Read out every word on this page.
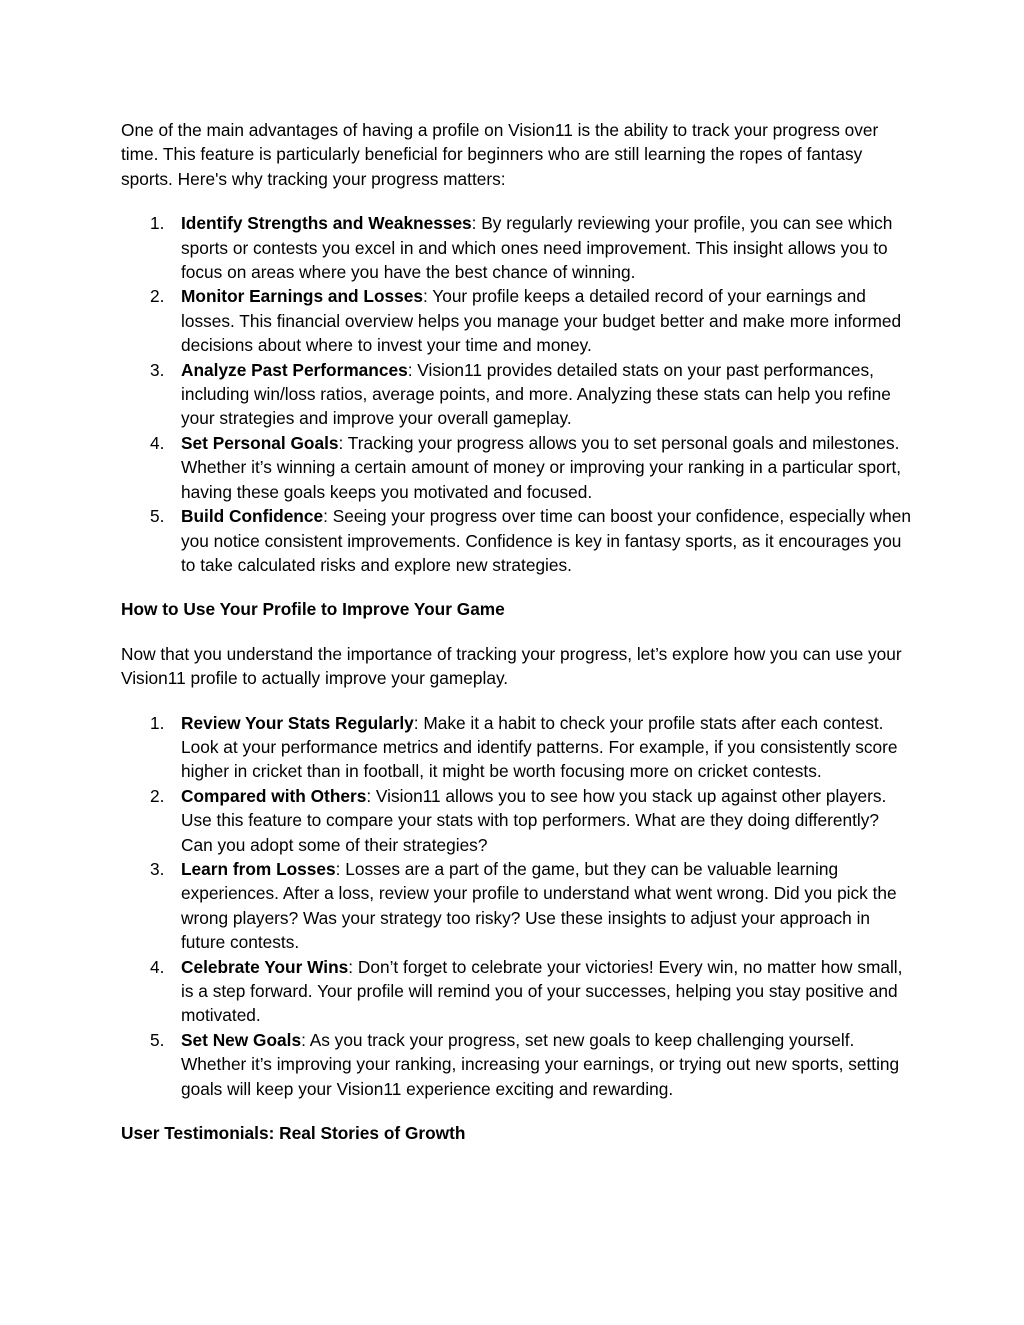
One of the main advantages of having a profile on Vision11 is the ability to track your progress over time. This feature is particularly beneficial for beginners who are still learning the ropes of fantasy sports. Here's why tracking your progress matters:

1. Identify Strengths and Weaknesses: By regularly reviewing your profile, you can see which sports or contests you excel in and which ones need improvement. This insight allows you to focus on areas where you have the best chance of winning.
2. Monitor Earnings and Losses: Your profile keeps a detailed record of your earnings and losses. This financial overview helps you manage your budget better and make more informed decisions about where to invest your time and money.
3. Analyze Past Performances: Vision11 provides detailed stats on your past performances, including win/loss ratios, average points, and more. Analyzing these stats can help you refine your strategies and improve your overall gameplay.
4. Set Personal Goals: Tracking your progress allows you to set personal goals and milestones. Whether it’s winning a certain amount of money or improving your ranking in a particular sport, having these goals keeps you motivated and focused.
5. Build Confidence: Seeing your progress over time can boost your confidence, especially when you notice consistent improvements. Confidence is key in fantasy sports, as it encourages you to take calculated risks and explore new strategies.

How to Use Your Profile to Improve Your Game

Now that you understand the importance of tracking your progress, let’s explore how you can use your Vision11 profile to actually improve your gameplay.

1. Review Your Stats Regularly: Make it a habit to check your profile stats after each contest. Look at your performance metrics and identify patterns. For example, if you consistently score higher in cricket than in football, it might be worth focusing more on cricket contests.
2. Compared with Others: Vision11 allows you to see how you stack up against other players. Use this feature to compare your stats with top performers. What are they doing differently? Can you adopt some of their strategies?
3. Learn from Losses: Losses are a part of the game, but they can be valuable learning experiences. After a loss, review your profile to understand what went wrong. Did you pick the wrong players? Was your strategy too risky? Use these insights to adjust your approach in future contests.
4. Celebrate Your Wins: Don’t forget to celebrate your victories! Every win, no matter how small, is a step forward. Your profile will remind you of your successes, helping you stay positive and motivated.
5. Set New Goals: As you track your progress, set new goals to keep challenging yourself. Whether it’s improving your ranking, increasing your earnings, or trying out new sports, setting goals will keep your Vision11 experience exciting and rewarding.

User Testimonials: Real Stories of Growth
